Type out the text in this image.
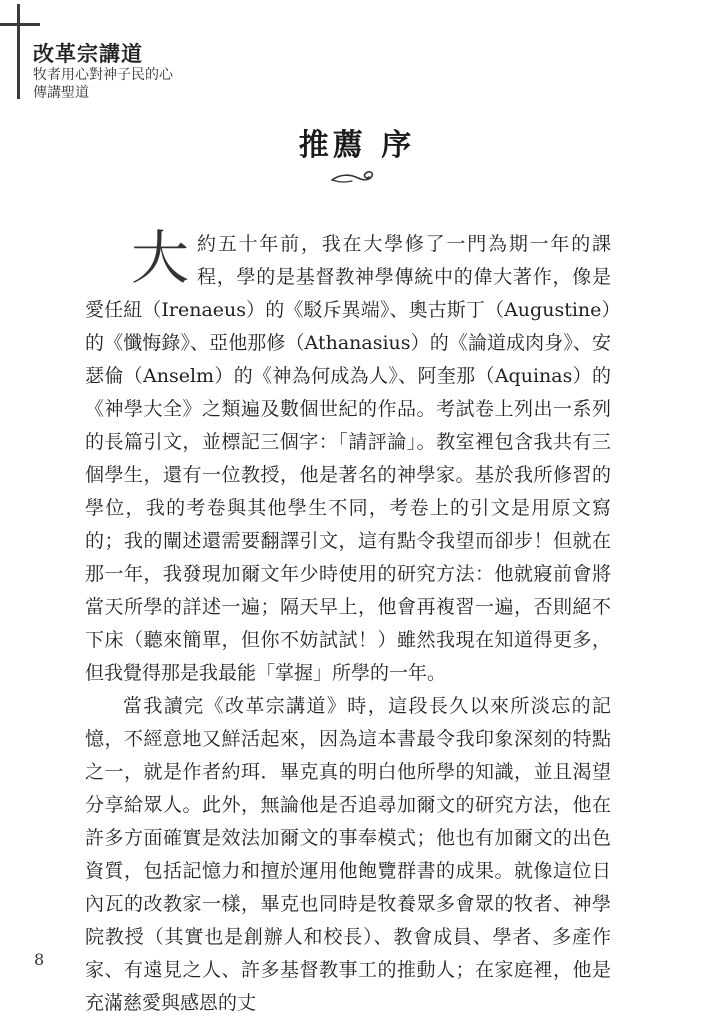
改革宗講道
牧者用心對神子民的心
傳講聖道
推薦 序

大約五十年前，我在大學修了一門為期一年的課程，學的是基督教神學傳統中的偉大著作，像是愛任紐（Irenaeus）的《駁斥異端》、奧古斯丁（Augustine）的《懺悔錄》、亞他那修（Athanasius）的《論道成肉身》、安瑟倫（Anselm）的《神為何成為人》、阿奎那（Aquinas）的《神學大全》之類遍及數個世紀的作品。考試卷上列出一系列的長篇引文，並標記三個字：「請評論」。教室裡包含我共有三個學生，還有一位教授，他是著名的神學家。基於我所修習的學位，我的考卷與其他學生不同，考卷上的引文是用原文寫的；我的闡述還需要翻譯引文，這有點令我望而卻步！但就在那一年，我發現加爾文年少時使用的研究方法：他就寢前會將當天所學的詳述一遍；隔天早上，他會再複習一遍，否則絕不下床（聽來簡單，但你不妨試試！）雖然我現在知道得更多，但我覺得那是我最能「掌握」所學的一年。

當我讀完《改革宗講道》時，這段長久以來所淡忘的記憶，不經意地又鮮活起來，因為這本書最令我印象深刻的特點之一，就是作者約珥．畢克真的明白他所學的知識，並且渴望分享給眾人。此外，無論他是否追尋加爾文的研究方法，他在許多方面確實是效法加爾文的事奉模式；他也有加爾文的出色資質，包括記憶力和擅於運用他飽覽群書的成果。就像這位日內瓦的改教家一樣，畢克也同時是牧養眾多會眾的牧者、神學院教授（其實也是創辦人和校長）、教會成員、學者、多產作家、有遠見之人、許多基督教事工的推動人；在家庭裡，他是充滿慈愛與感恩的丈

8
